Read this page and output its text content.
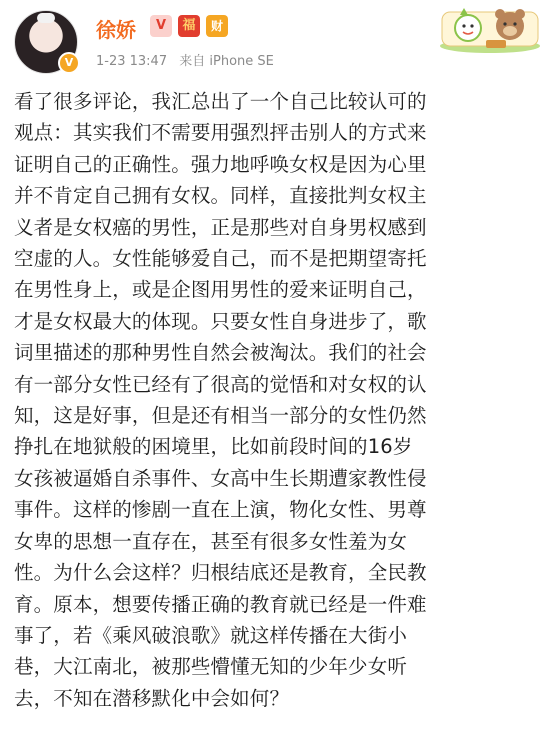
V
徐娇	V	福	财
1-23 13:47 来自 iPhone SE
看了很多评论，我汇总出了一个自己比较认可的
观点：其实我们不需要用强烈抨击别人的方式来
证明自己的正确性。强力地呼唤女权是因为心里
并不肯定自己拥有女权。同样，直接批判女权主
义者是女权癌的男性，正是那些对自身男权感到
空虚的人。女性能够爱自己，而不是把期望寄托
在男性身上，或是企图用男性的爱来证明自己，
才是女权最大的体现。只要女性自身进步了，歌
词里描述的那种男性自然会被淘汰。我们的社会
有一部分女性已经有了很高的觉悟和对女权的认
知，这是好事，但是还有相当一部分的女性仍然
挣扎在地狱般的困境里，比如前段时间的16岁
女孩被逼婚自杀事件、女高中生长期遭家教性侵
事件。这样的惨剧一直在上演，物化女性、男尊
女卑的思想一直存在，甚至有很多女性羞为女
性。为什么会这样？归根结底还是教育，全民教
育。原本，想要传播正确的教育就已经是一件难
事了，若《乘风破浪歌》就这样传播在大街小
巷，大江南北，被那些懵懂无知的少年少女听
去，不知在潜移默化中会如何？
